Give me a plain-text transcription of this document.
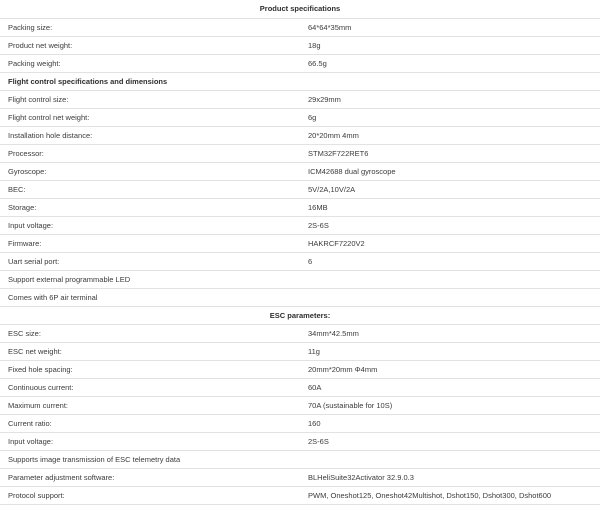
Product specifications	
Packing size:	64*64*35mm
Product net weight:	18g
Packing weight:	66.5g
Flight control specifications and dimensions	
Flight control size:	29x29mm
Flight control net weight:	6g
Installation hole distance:	20*20mm 4mm
Processor:	STM32F722RET6
Gyroscope:	ICM42688 dual gyroscope
BEC:	5V/2A,10V/2A
Storage:	16MB
Input voltage:	2S-6S
Firmware:	HAKRCF7220V2
Uart serial port:	6
Support external programmable LED	
Comes with 6P air terminal	
ESC parameters:	
ESC size:	34mm*42.5mm
ESC net weight:	11g
Fixed hole spacing:	20mm*20mm Φ4mm
Continuous current:	60A
Maximum current:	70A (sustainable for 10S)
Current ratio:	160
Input voltage:	2S-6S
Supports image transmission of ESC telemetry data	
Parameter adjustment software:	BLHeliSuite32Activator 32.9.0.3
Protocol support:	PWM, Oneshot125, Oneshot42Multishot, Dshot150, Dshot300, Dshot600
